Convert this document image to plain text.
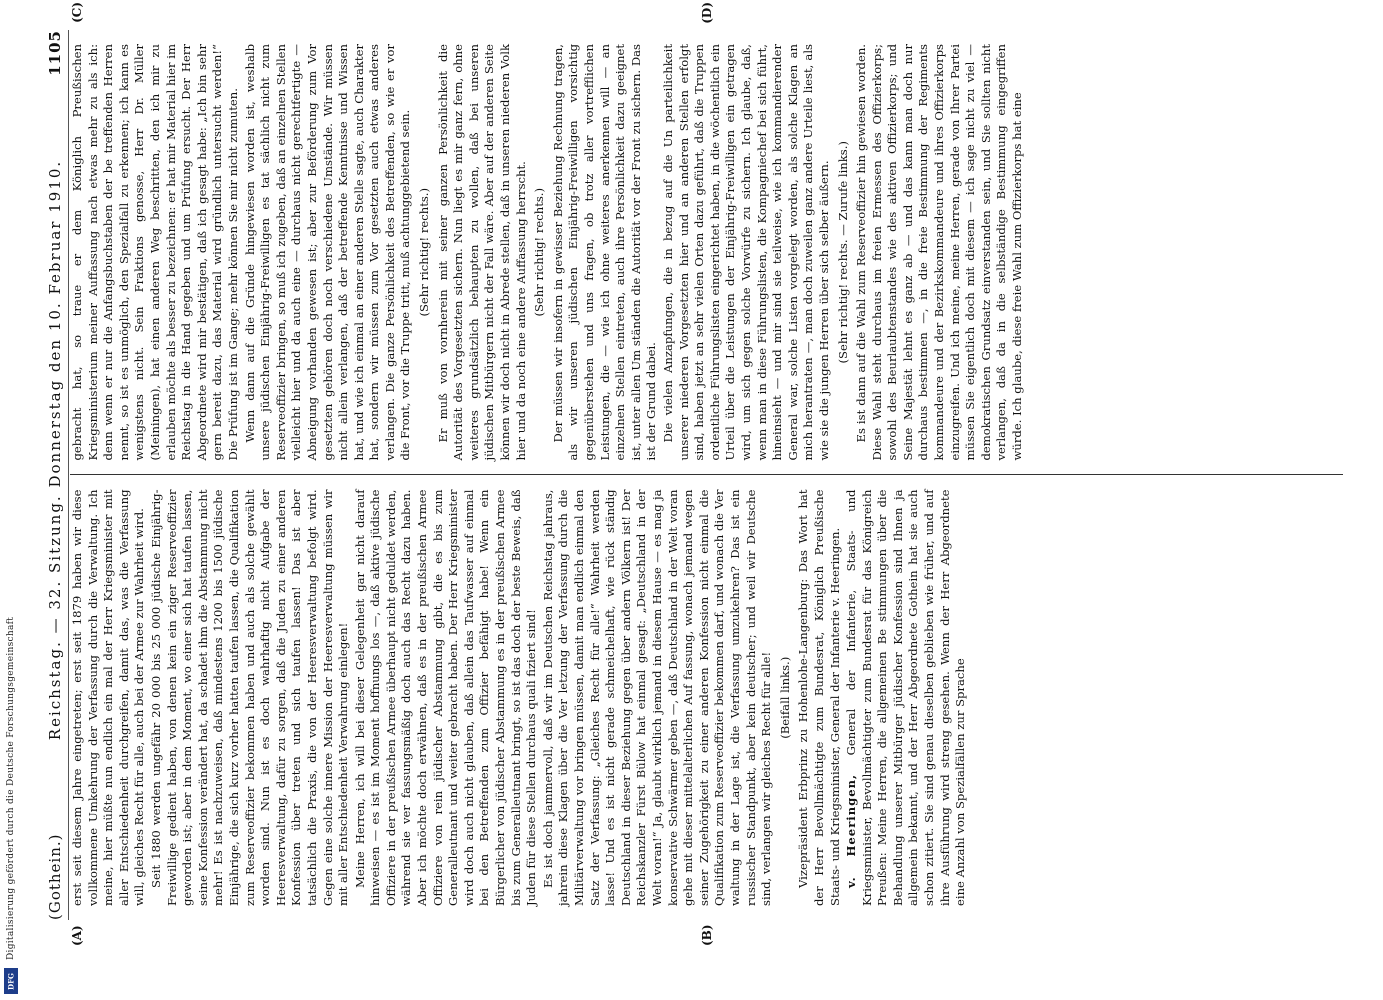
(Gothein.)
Reichstag. — 32. Sitzung. Donnerstag den 10. Februar 1910.
1105
(A)	(B)

erst seit diesem Jahre eingetreten; erst seit 1879 haben wir diese vollkommene Umkehrung der Verfassung durch die Verwaltung. Ich meine, hier müßte nun endlich ein mal der Herr Kriegsminister mit aller Entschiedenheit durchgreifen, damit das, was die Verfassung will, gleiches Recht für alle, auch bei der Armee zur Wahrheit wird. Seit 1880 werden ungefähr 20 000 bis 25 000 jüdische Einjährig-Freiwillige gedient haben, von denen kein ein ziger Reserveoffizier geworden ist; aber in dem Moment, wo einer sich hat taufen lassen, seine Konfession verändert hat, da schadet ihm die Abstammung nicht mehr! Es ist nachzuweisen, daß mindestens 1200 bis 1500 jüdische Einjährige, die sich kurz vorher hatten taufen lassen, die Qualifikation zum Reserveoffizier bekommen haben und auch als solche gewählt worden sind. Nun ist es doch wahrhaftig nicht Aufgabe der Heeresverwaltung, dafür zu sorgen, daß die Juden zu einer anderen Konfession über treten und sich taufen lassen! Das ist aber tatsächlich die Praxis, die von der Heeresverwaltung befolgt wird. Gegen eine solche innere Mission der Heeresverwaltung müssen wir mit aller Entschiedenheit Verwahrung einlegen! Meine Herren, ich will bei dieser Gelegenheit gar nicht darauf hinweisen — es ist im Moment hoffnungs los —, daß aktive jüdische Offiziere in der preußischen Armee überhaupt nicht geduldet werden, während sie ver fassungsmäßig doch auch das Recht dazu haben. Aber ich möchte doch erwähnen, daß es in der preußischen Armee Offiziere von rein jüdischer Abstammung gibt, die es bis zum Generalleutnant und weiter gebracht haben. Der Herr Kriegsminister wird doch auch nicht glauben, daß allein das Taufwasser auf einmal bei den Betreffenden zum Offizier befähigt habe! Wenn ein Bürgerlicher von jüdischer Abstammung es in der preußischen Armee bis zum Generalleutnant bringt, so ist das doch der beste Beweis, daß Juden für diese Stellen durchaus quali fiziert sind! Es ist doch jammervoll, daß wir im Deutschen Reichstag jahraus, jahrein diese Klagen über die Ver letzung der Verfassung durch die Militärverwaltung vor bringen müssen, damit man endlich einmal den Satz der Verfassung: „Gleiches Recht für alle!“ Wahrheit werden lasse! Und es ist nicht gerade schmeichelhaft, wie rück ständig Deutschland in dieser Beziehung gegen über andern Völkern ist! Der Reichskanzler Fürst Bülow hat einmal gesagt: „Deutschland in der Welt voran!“ Ja, glaubt wirklich jemand in diesem Hause — es mag ja konservative Schwärmer geben —, daß Deutschland in der Welt voran gehe mit dieser mittelalterlichen Auf fassung, wonach jemand wegen seiner Zugehörigkeit zu einer anderen Konfession nicht einmal die Qualifikation zum Reserveoffizier bekommen darf, und wonach die Ver waltung in der Lage ist, die Verfassung umzukehren? Das ist ein russischer Standpunkt, aber kein deutscher; und weil wir Deutsche sind, verlangen wir gleiches Recht für alle! (Beifall links.) Vizepräsident Erbprinz zu Hohenlohe-Langenburg: Das Wort hat der Herr Bevollmächtigte zum Bundesrat, Königlich Preußische Staats- und Kriegsminister, General der Infanterie v. Heeringen. v. Heeringen, General der Infanterie, Staats- und Kriegsminister, Bevollmächtigter zum Bundesrat für das Königreich Preußen: Meine Herren, die allgemeinen Be stimmungen über die Behandlung unserer Mitbürger jüdischer Konfession sind Ihnen ja allgemein bekannt, und der Herr Abgeordnete Gothein hat sie auch schon zitiert. Sie sind genau dieselben geblieben wie früher, und auf ihre Ausführung wird streng gesehen. Wenn der Herr Abgeordnete eine Anzahl von Spezialfällen zur Sprache

(C)	(D)

gebracht hat, so traue er dem Königlich Preußischen Kriegsministerium meiner Auffassung nach etwas mehr zu als ich: denn wenn er nur die Anfangsbuchstaben der be treffenden Herren nennt, so ist es unmöglich, den Spezialfall zu erkennen; ich kann es wenigstens nicht. Sein Fraktions genosse, Herr Dr. Müller (Meiningen), hat einen anderen Weg beschritten, den ich mir zu erlauben möchte als besser zu bezeichnen: er hat mir Material hier im Reichstag in die Hand gegeben und um Prüfung ersucht. Der Herr Abgeordnete wird mir bestätigen, daß ich gesagt habe: „Ich bin sehr gern bereit dazu, das Material wird gründlich untersucht werden!“ Die Prüfung ist im Gange; mehr können Sie mir nicht zumuten. Wenn dann auf die Gründe hingewiesen worden ist, weshalb unsere jüdischen Einjährig-Freiwilligen es tat sächlich nicht zum Reserveoffizier bringen, so muß ich zugeben, daß an einzelnen Stellen vielleicht hier und da auch eine — durchaus nicht gerechtfertigte — Abneigung vorhanden gewesen ist; aber zur Beförderung zum Vor gesetzten gehören doch noch verschiedene Umstände. Wir müssen nicht allein verlangen, daß der betreffende Kenntnisse und Wissen hat, und wie ich einmal an einer anderen Stelle sagte, auch Charakter hat, sondern wir müssen zum Vor gesetzten auch etwas anderes verlangen. Die ganze Persönlichkeit des Betreffenden, so wie er vor die Front, vor die Truppe tritt, muß achtunggebietend sein. (Sehr richtig! rechts.) Er muß von vornherein mit seiner ganzen Persönlichkeit die Autorität des Vorgesetzten sichern. Nun liegt es mir ganz fern, ohne weiteres grundsätzlich behaupten zu wollen, daß bei unseren jüdischen Mitbürgern nicht der Fall wäre. Aber auf der anderen Seite können wir doch nicht in Abrede stellen, daß in unseren niederen Volk hier und da noch eine andere Auffassung herrscht. (Sehr richtig! rechts.) Der müssen wir insofern in gewisser Beziehung Rechnung tragen, als wir unseren jüdischen Einjährig-Freiwilligen vorsichtig gegenüberstehen und uns fragen, ob trotz aller vortrefflichen Leistungen, die — wie ich ohne weiteres anerkennen will — an einzelnen Stellen eintreten, auch ihre Persönlichkeit dazu geeignet ist, unter allen Um ständen die Autorität vor der Front zu sichern. Das ist der Grund dabei. Die vielen Anzapfungen, die in bezug auf die Un parteilichkeit unserer niederen Vorgesetzten hier und an anderen Stellen erfolgt sind, haben jetzt an sehr vielen Orten dazu geführt, daß die Truppen ordentliche Führungslisten eingerichtet haben, in die wöchentlich ein Urteil über die Leistungen der Einjährig-Freiwilligen ein getragen wird, um sich gegen solche Vorwürfe zu sichern. Ich glaube, daß, wenn man in diese Führungslisten, die Kompagniechef bei sich führt, hineinsieht — und mir sind sie teilweise, wie ich kommandierender General war, solche Listen vorgelegt worden, als solche Klagen an mich herantraten —, man doch zuweilen ganz andere Urteile liest, als wie sie die jungen Herren über sich selber äußern. (Sehr richtig! rechts. — Zurufe links.) Es ist dann auf die Wahl zum Reserveoffizier hin gewiesen worden. Diese Wahl steht durchaus im freien Ermessen des Offizierkorps; sowohl des Beurlaubtenstandes wie des aktiven Offizierkorps; und Seine Majestät lehnt es ganz ab — und das kann man doch nur durchaus bestimmen —, in die freie Bestimmung der Regiments kommandeure und der Bezirkskommandeure und ihres Offizierkorps einzugreifen. Und ich meine, meine Herren, gerade von Ihrer Partei müssen Sie eigentlich doch mit diesem — ich sage nicht zu viel — demokratischen Grundsatz einverstanden sein, und Sie sollten nicht verlangen, daß da in die selbständige Bestimmung eingegriffen würde. Ich glaube, diese freie Wahl zum Offizierkorps hat eine

Digitalisierung gefördert durch die Deutsche Forschungsgemeinschaft
DFG
